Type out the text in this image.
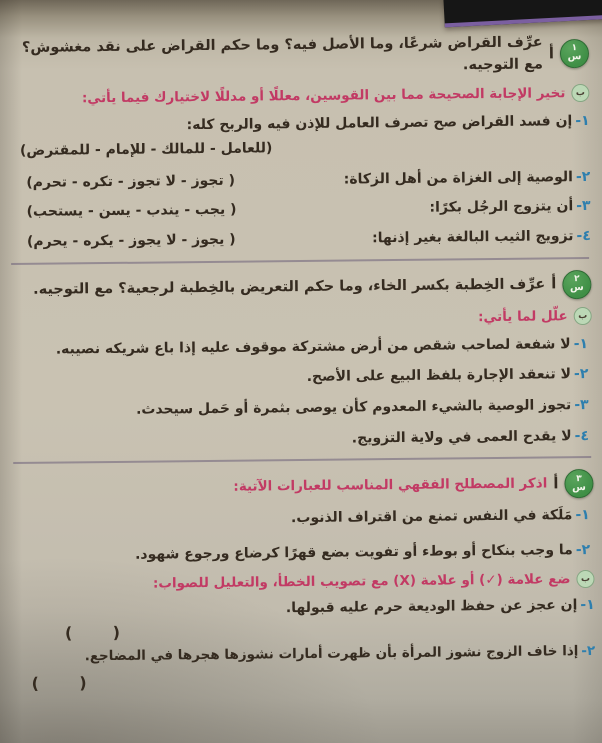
١
س
أ
عرِّف القراض شرعًا، وما الأصل فيه؟ وما حكم القراض على نقد مغشوش؟ مع التوجيه.
ب
تخير الإجابة الصحيحة مما بين القوسين، معللًا أو مدللًا لاختيارك فيما يأتي:
١-إن فسد القراض صح تصرف العامل للإذن فيه والربح كله:
(للعامل - للمالك - للإمام - للمقترض)
٢-الوصية إلى الغزاة من أهل الزكاة:
( تجوز - لا تجوز - تكره - تحرم)
٣-أن يتزوج الرجُل بكرًا:
( يجب - يندب - يسن - يستحب)
٤-تزويج الثيب البالغة بغير إذنها:
( يجوز - لا يجوز - يكره - يحرم)
٢
س
أ
عرِّف الخِطبة بكسر الخاء، وما حكم التعريض بالخِطبة لرجعية؟ مع التوجيه.
ب
علّل لما يأتي:
١-لا شفعة لصاحب شقص من أرض مشتركة موقوف عليه إذا باع شريكه نصيبه.
٢-لا تنعقد الإجارة بلفظ البيع على الأصح.
٣-تجوز الوصية بالشيء المعدوم كأن يوصى بثمرة أو حَمل سيحدث.
٤-لا يقدح العمى في ولاية التزويج.
٣
س
أ
اذكر المصطلح الفقهي المناسب للعبارات الآتية:
١-مَلَكة في النفس تمنع من اقتراف الذنوب.
٢-ما وجب بنكاح أو بوطء أو تفويت بضع قهرًا كرضاع ورجوع شهود.
ب
ضع علامة (✓) أو علامة (X) مع تصويب الخطأ، والتعليل للصواب:
١-إن عجز عن حفظ الوديعة حرم عليه قبولها.
(      )
٢-إذا خاف الزوج نشوز المرأة بأن ظهرت أمارات نشوزها هجرها في المضاجع.
(      )
